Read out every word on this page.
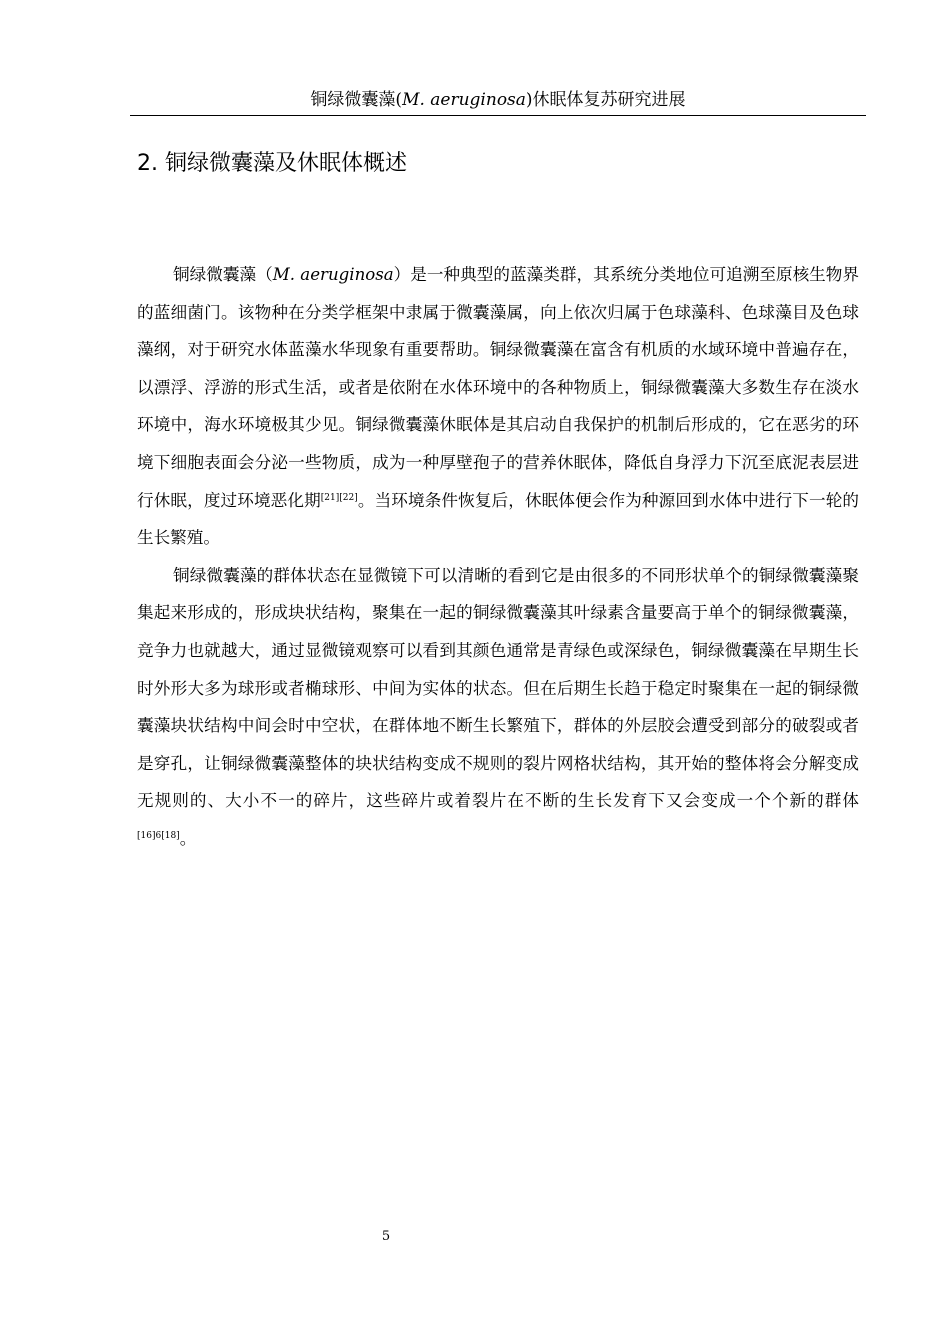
铜绿微囊藻(M. aeruginosa)休眠体复苏研究进展
2. 铜绿微囊藻及休眠体概述

铜绿微囊藻（M. aeruginosa）是一种典型的蓝藻类群，其系统分类地位可追溯至原核生物界的蓝细菌门。该物种在分类学框架中隶属于微囊藻属，向上依次归属于色球藻科、色球藻目及色球藻纲，对于研究水体蓝藻水华现象有重要帮助。铜绿微囊藻在富含有机质的水域环境中普遍存在，以漂浮、浮游的形式生活，或者是依附在水体环境中的各种物质上，铜绿微囊藻大多数生存在淡水环境中，海水环境极其少见。铜绿微囊藻休眠体是其启动自我保护的机制后形成的，它在恶劣的环境下细胞表面会分泌一些物质，成为一种厚壁孢子的营养休眠体，降低自身浮力下沉至底泥表层进行休眠，度过环境恶化期[21][22]。当环境条件恢复后，休眠体便会作为种源回到水体中进行下一轮的生长繁殖。

铜绿微囊藻的群体状态在显微镜下可以清晰的看到它是由很多的不同形状单个的铜绿微囊藻聚集起来形成的，形成块状结构，聚集在一起的铜绿微囊藻其叶绿素含量要高于单个的铜绿微囊藻，竞争力也就越大，通过显微镜观察可以看到其颜色通常是青绿色或深绿色，铜绿微囊藻在早期生长时外形大多为球形或者椭球形、中间为实体的状态。但在后期生长趋于稳定时聚集在一起的铜绿微囊藻块状结构中间会时中空状，在群体地不断生长繁殖下，群体的外层胶会遭受到部分的破裂或者是穿孔，让铜绿微囊藻整体的块状结构变成不规则的裂片网格状结构，其开始的整体将会分解变成无规则的、大小不一的碎片，这些碎片或着裂片在不断的生长发育下又会变成一个个新的群体[16]6[18]。

5
